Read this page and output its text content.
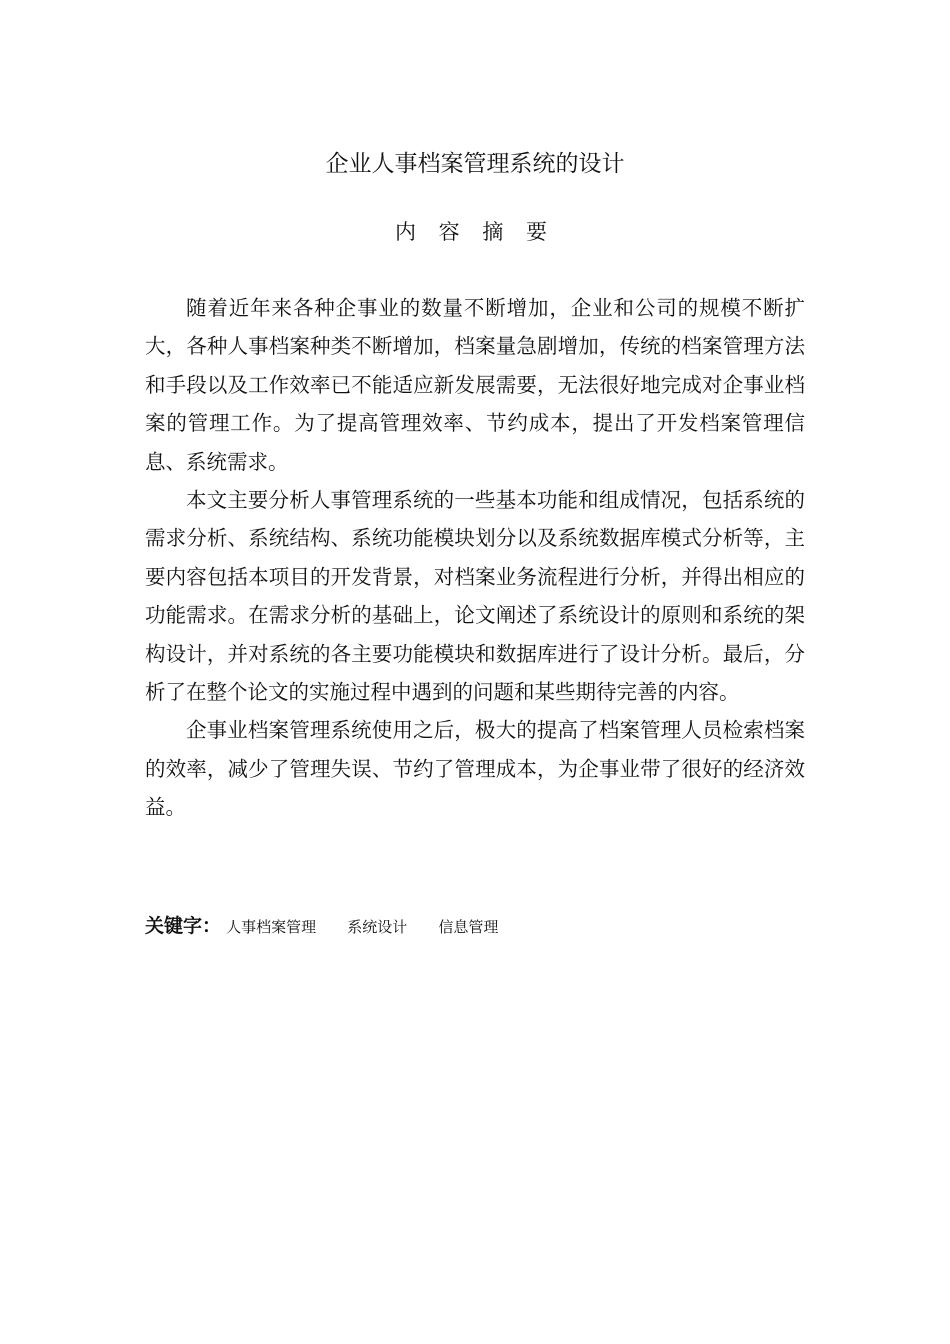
企业人事档案管理系统的设计
内 容 摘 要

随着近年来各种企事业的数量不断增加，企业和公司的规模不断扩大，各种人事档案种类不断增加，档案量急剧增加，传统的档案管理方法和手段以及工作效率已不能适应新发展需要，无法很好地完成对企事业档案的管理工作。为了提高管理效率、节约成本，提出了开发档案管理信息、系统需求。

本文主要分析人事管理系统的一些基本功能和组成情况，包括系统的需求分析、系统结构、系统功能模块划分以及系统数据库模式分析等，主要内容包括本项目的开发背景，对档案业务流程进行分析，并得出相应的功能需求。在需求分析的基础上，论文阐述了系统设计的原则和系统的架构设计，并对系统的各主要功能模块和数据库进行了设计分析。最后，分析了在整个论文的实施过程中遇到的问题和某些期待完善的内容。

企事业档案管理系统使用之后，极大的提高了档案管理人员检索档案的效率，减少了管理失误、节约了管理成本，为企事业带了很好的经济效益。

关键字： 人事档案管理 系统设计 信息管理
